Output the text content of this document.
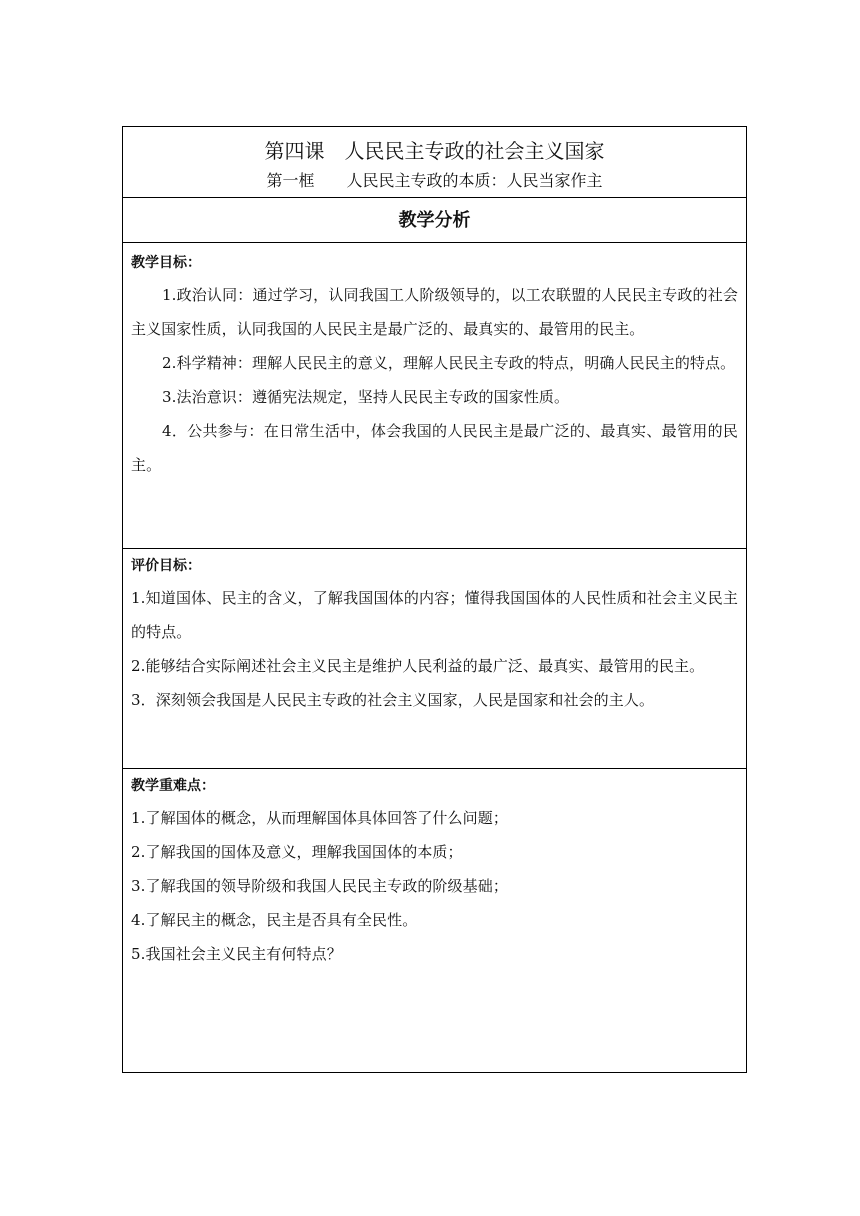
第四课　人民民主专政的社会主义国家
第一框　　人民民主专政的本质：人民当家作主
教学分析
教学目标：
1.政治认同：通过学习，认同我国工人阶级领导的，以工农联盟的人民民主专政的社会主义国家性质，认同我国的人民民主是最广泛的、最真实的、最管用的民主。
2.科学精神：理解人民民主的意义，理解人民民主专政的特点，明确人民民主的特点。
3.法治意识：遵循宪法规定，坚持人民民主专政的国家性质。
4．公共参与：在日常生活中，体会我国的人民民主是最广泛的、最真实、最管用的民主。
评价目标：
1.知道国体、民主的含义，了解我国国体的内容；懂得我国国体的人民性质和社会主义民主的特点。
2.能够结合实际阐述社会主义民主是维护人民利益的最广泛、最真实、最管用的民主。
3．深刻领会我国是人民民主专政的社会主义国家，人民是国家和社会的主人。
教学重难点：
1.了解国体的概念，从而理解国体具体回答了什么问题；
2.了解我国的国体及意义，理解我国国体的本质；
3.了解我国的领导阶级和我国人民民主专政的阶级基础；
4.了解民主的概念，民主是否具有全民性。
5.我国社会主义民主有何特点？
